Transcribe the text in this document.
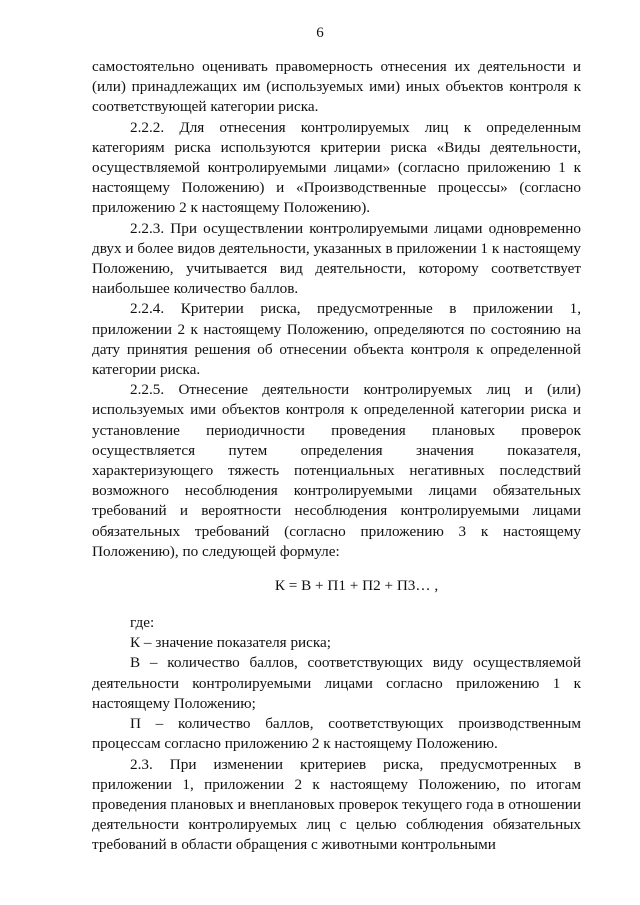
6

самостоятельно оценивать правомерность отнесения их деятельности и (или) принадлежащих им (используемых ими) иных объектов контроля к соответствующей категории риска.

2.2.2. Для отнесения контролируемых лиц к определенным категориям риска используются критерии риска «Виды деятельности, осуществляемой контролируемыми лицами» (согласно приложению 1 к настоящему Положению) и «Производственные процессы» (согласно приложению 2 к настоящему Положению).

2.2.3. При осуществлении контролируемыми лицами одновременно двух и более видов деятельности, указанных в приложении 1 к настоящему Положению, учитывается вид деятельности, которому соответствует наибольшее количество баллов.

2.2.4. Критерии риска, предусмотренные в приложении 1, приложении 2 к настоящему Положению, определяются по состоянию на дату принятия решения об отнесении объекта контроля к определенной категории риска.

2.2.5. Отнесение деятельности контролируемых лиц и (или) используемых ими объектов контроля к определенной категории риска и установление периодичности проведения плановых проверок осуществляется путем определения значения показателя, характеризующего тяжесть потенциальных негативных последствий возможного несоблюдения контролируемыми лицами обязательных требований и вероятности несоблюдения контролируемыми лицами обязательных требований (согласно приложению 3 к настоящему Положению), по следующей формуле:

К = В + П1 + П2 + П3… ,

где:

К – значение показателя риска;

В – количество баллов, соответствующих виду осуществляемой деятельности контролируемыми лицами согласно приложению 1 к настоящему Положению;

П – количество баллов, соответствующих производственным процессам согласно приложению 2 к настоящему Положению.

2.3. При изменении критериев риска, предусмотренных в приложении 1, приложении 2 к настоящему Положению, по итогам проведения плановых и внеплановых проверок текущего года в отношении деятельности контролируемых лиц с целью соблюдения обязательных требований в области обращения с животными контрольными
